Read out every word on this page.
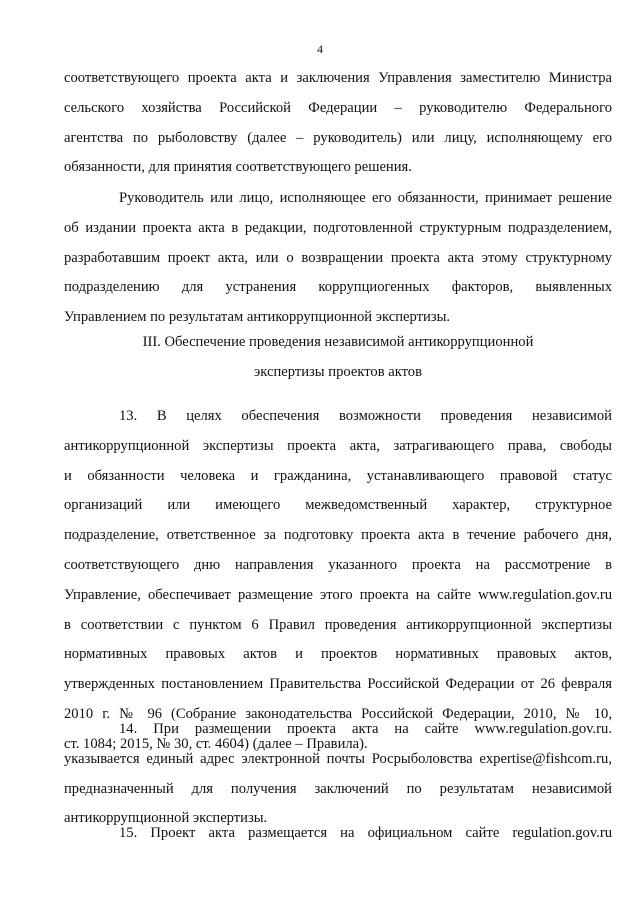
4
соответствующего проекта акта и заключения Управления заместителю Министра
сельского хозяйства Российской Федерации – руководителю Федерального
агентства по рыболовству (далее – руководитель) или лицу, исполняющему его
обязанности, для принятия соответствующего решения.
Руководитель или лицо, исполняющее его обязанности, принимает решение
об издании проекта акта в редакции, подготовленной структурным подразделением,
разработавшим проект акта, или о возвращении проекта акта этому структурному
подразделению для устранения коррупциогенных факторов, выявленных
Управлением по результатам антикоррупционной экспертизы.
III. Обеспечение проведения независимой антикоррупционной
экспертизы проектов актов
13. В целях обеспечения возможности проведения независимой
антикоррупционной экспертизы проекта акта, затрагивающего права, свободы
и обязанности человека и гражданина, устанавливающего правовой статус
организаций или имеющего межведомственный характер, структурное
подразделение, ответственное за подготовку проекта акта в течение рабочего дня,
соответствующего дню направления указанного проекта на рассмотрение в
Управление, обеспечивает размещение этого проекта на сайте www.regulation.gov.ru
в соответствии с пунктом 6 Правил проведения антикоррупционной экспертизы
нормативных правовых актов и проектов нормативных правовых актов,
утвержденных постановлением Правительства Российской Федерации от 26 февраля
2010 г. № 96 (Собрание законодательства Российской Федерации, 2010, № 10,
ст. 1084; 2015, № 30, ст. 4604) (далее – Правила).
14. При размещении проекта акта на сайте www.regulation.gov.ru.
указывается единый адрес электронной почты Росрыболовства expertise@fishcom.ru,
предназначенный для получения заключений по результатам независимой
антикоррупционной экспертизы.
15. Проект акта размещается на официальном сайте regulation.gov.ru
